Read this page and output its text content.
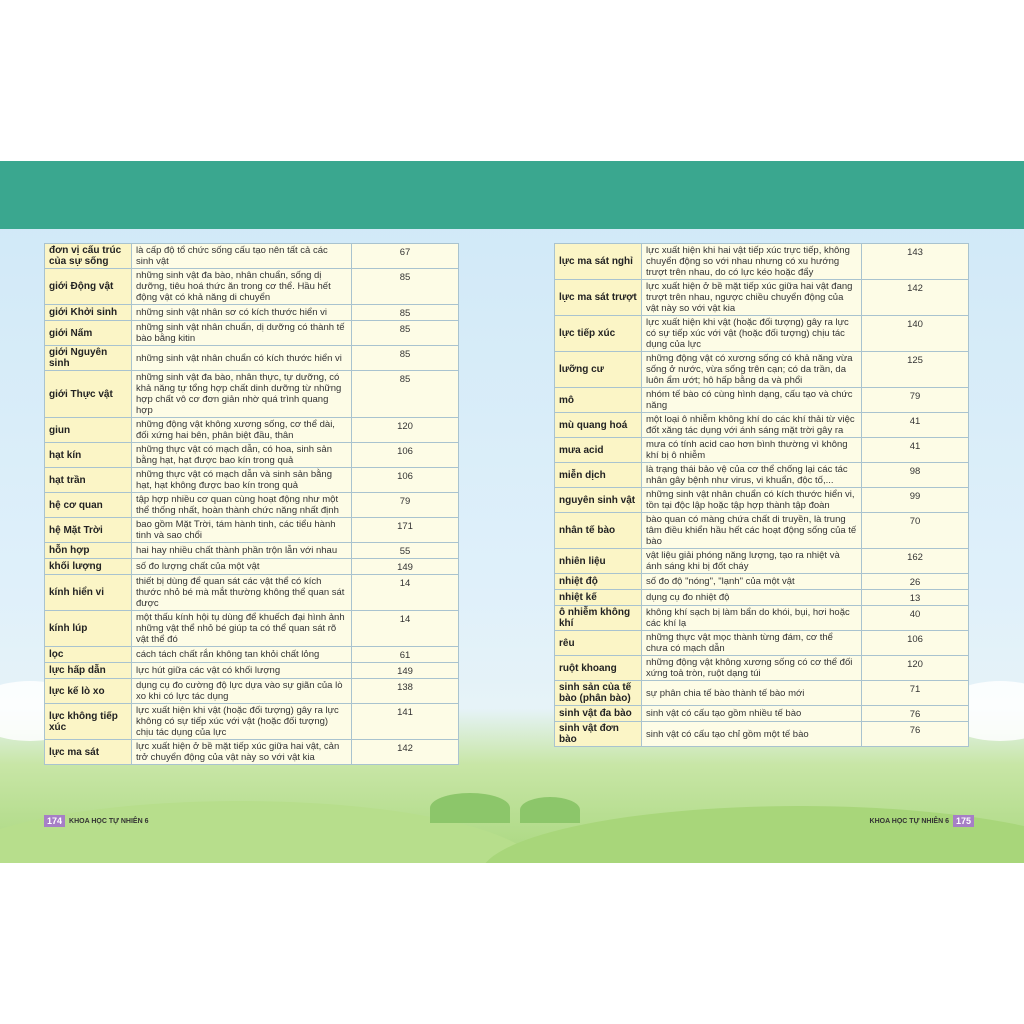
đơn vị cấu trúc của sự sống	là cấp độ tổ chức sống cấu tạo nên tất cả các sinh vật	67
giới Động vật	những sinh vật đa bào, nhân chuẩn, sống dị dưỡng, tiêu hoá thức ăn trong cơ thể. Hầu hết động vật có khả năng di chuyển	85
giới Khởi sinh	những sinh vật nhân sơ có kích thước hiển vi	85
giới Nấm	những sinh vật nhân chuẩn, dị dưỡng có thành tế bào bằng kitin	85
giới Nguyên sinh	những sinh vật nhân chuẩn có kích thước hiển vi	85
giới Thực vật	những sinh vật đa bào, nhân thực, tự dưỡng, có khả năng tự tổng hợp chất dinh dưỡng từ những hợp chất vô cơ đơn giản nhờ quá trình quang hợp	85
giun	những động vật không xương sống, cơ thể dài, đối xứng hai bên, phân biệt đầu, thân	120
hạt kín	những thực vật có mạch dẫn, có hoa, sinh sản bằng hạt, hạt được bao kín trong quả	106
hạt trần	những thực vật có mạch dẫn và sinh sản bằng hạt, hạt không được bao kín trong quả	106
hệ cơ quan	tập hợp nhiều cơ quan cùng hoạt động như một thể thống nhất, hoàn thành chức năng nhất định	79
hệ Mặt Trời	bao gồm Mặt Trời, tám hành tinh, các tiểu hành tinh và sao chổi	171
hỗn hợp	hai hay nhiều chất thành phần trộn lẫn với nhau	55
khối lượng	số đo lượng chất của một vật	149
kính hiển vi	thiết bị dùng để quan sát các vật thể có kích thước nhỏ bé mà mắt thường không thể quan sát được	14
kính lúp	một thấu kính hội tụ dùng để khuếch đại hình ảnh những vật thể nhỏ bé giúp ta có thể quan sát rõ vật thể đó	14
lọc	cách tách chất rắn không tan khỏi chất lỏng	61
lực hấp dẫn	lực hút giữa các vật có khối lượng	149
lực kế lò xo	dụng cụ đo cường độ lực dựa vào sự giãn của lò xo khi có lực tác dụng	138
lực không tiếp xúc	lực xuất hiện khi vật (hoặc đối tượng) gây ra lực không có sự tiếp xúc với vật (hoặc đối tượng) chịu tác dụng của lực	141
lực ma sát	lực xuất hiện ở bề mặt tiếp xúc giữa hai vật, cản trở chuyển động của vật này so với vật kia	142
lực ma sát nghỉ	lực xuất hiện khi hai vật tiếp xúc trực tiếp, không chuyển động so với nhau nhưng có xu hướng trượt trên nhau, do có lực kéo hoặc đẩy	143
lực ma sát trượt	lực xuất hiện ở bề mặt tiếp xúc giữa hai vật đang trượt trên nhau, ngược chiều chuyển động của vật này so với vật kia	142
lực tiếp xúc	lực xuất hiện khi vật (hoặc đối tượng) gây ra lực có sự tiếp xúc với vật (hoặc đối tượng) chịu tác dụng của lực	140
lưỡng cư	những động vật có xương sống có khả năng vừa sống ở nước, vừa sống trên cạn; có da trần, da luôn ẩm ướt; hô hấp bằng da và phổi	125
mô	nhóm tế bào có cùng hình dạng, cấu tạo và chức năng	79
mù quang hoá	một loại ô nhiễm không khí do các khí thải từ việc đốt xăng tác dụng với ánh sáng mặt trời gây ra	41
mưa acid	mưa có tính acid cao hơn bình thường vì không khí bị ô nhiễm	41
miễn dịch	là trạng thái bảo vệ của cơ thể chống lại các tác nhân gây bệnh như virus, vi khuẩn, độc tố,...	98
nguyên sinh vật	những sinh vật nhân chuẩn có kích thước hiển vi, tồn tại độc lập hoặc tập hợp thành tập đoàn	99
nhân tế bào	bào quan có màng chứa chất di truyền, là trung tâm điều khiển hầu hết các hoạt động sống của tế bào	70
nhiên liệu	vật liệu giải phóng năng lượng, tạo ra nhiệt và ánh sáng khi bị đốt cháy	162
nhiệt độ	số đo độ "nóng", "lạnh" của một vật	26
nhiệt kế	dụng cụ đo nhiệt độ	13
ô nhiễm không khí	không khí sạch bị làm bẩn do khói, bụi, hơi hoặc các khí lạ	40
rêu	những thực vật mọc thành từng đám, cơ thể chưa có mạch dẫn	106
ruột khoang	những động vật không xương sống có cơ thể đối xứng toả tròn, ruột dạng túi	120
sinh sản của tế bào (phân bào)	sự phân chia tế bào thành tế bào mới	71
sinh vật đa bào	sinh vật có cấu tạo gồm nhiều tế bào	76
sinh vật đơn bào	sinh vật có cấu tạo chỉ gồm một tế bào	76
174	KHOA HỌC TỰ NHIÊN 6	KHOA HỌC TỰ NHIÊN 6 175
